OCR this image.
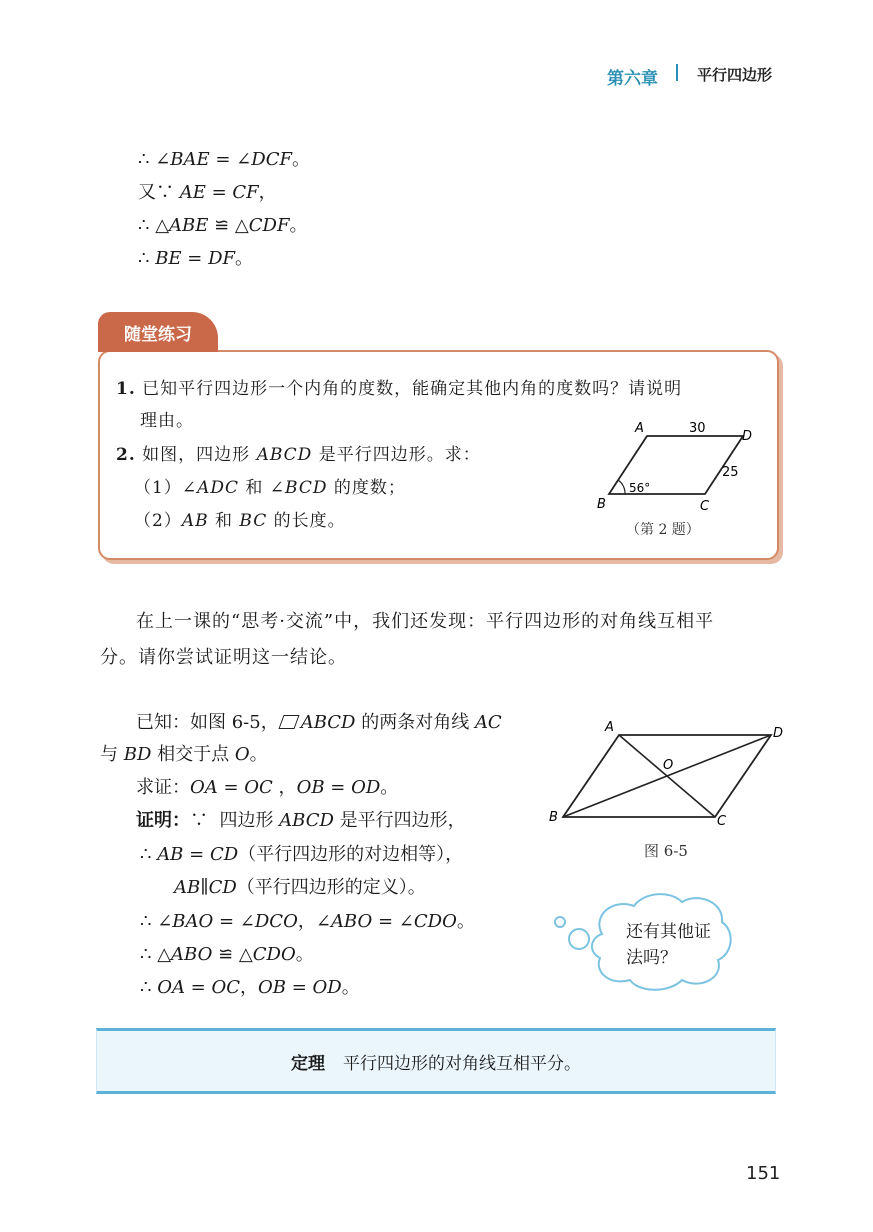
第六章	平行四边形
∴ ∠BAE = ∠DCF。
又∵ AE = CF，
∴ △ABE ≌ △CDF。
∴ BE = DF。
随堂练习
1. 已知平行四边形一个内角的度数，能确定其他内角的度数吗？请说明
理由。
2. 如图，四边形 ABCD 是平行四边形。求：
（1）∠ADC 和 ∠BCD 的度数；
（2）AB 和 BC 的长度。
A
B	C
D
30
25
56°
（第 2 题）
在上一课的“思考·交流”中，我们还发现：平行四边形的对角线互相平
分。请你尝试证明这一结论。
已知：如图 6-5， ABCD 的两条对角线 AC
与 BD 相交于点 O。
求证：OA = OC ，OB = OD。
证明：∵  四边形 ABCD 是平行四边形，
∴ AB = CD（平行四边形的对边相等），
AB∥CD（平行四边形的定义）。
∴ ∠BAO = ∠DCO，∠ABO = ∠CDO。
∴ △ABO ≌ △CDO。
∴ OA = OC，OB = OD。
A
B	C
D
O
图 6-5
还有其他证
法吗？
定理 平行四边形的对角线互相平分。
151
